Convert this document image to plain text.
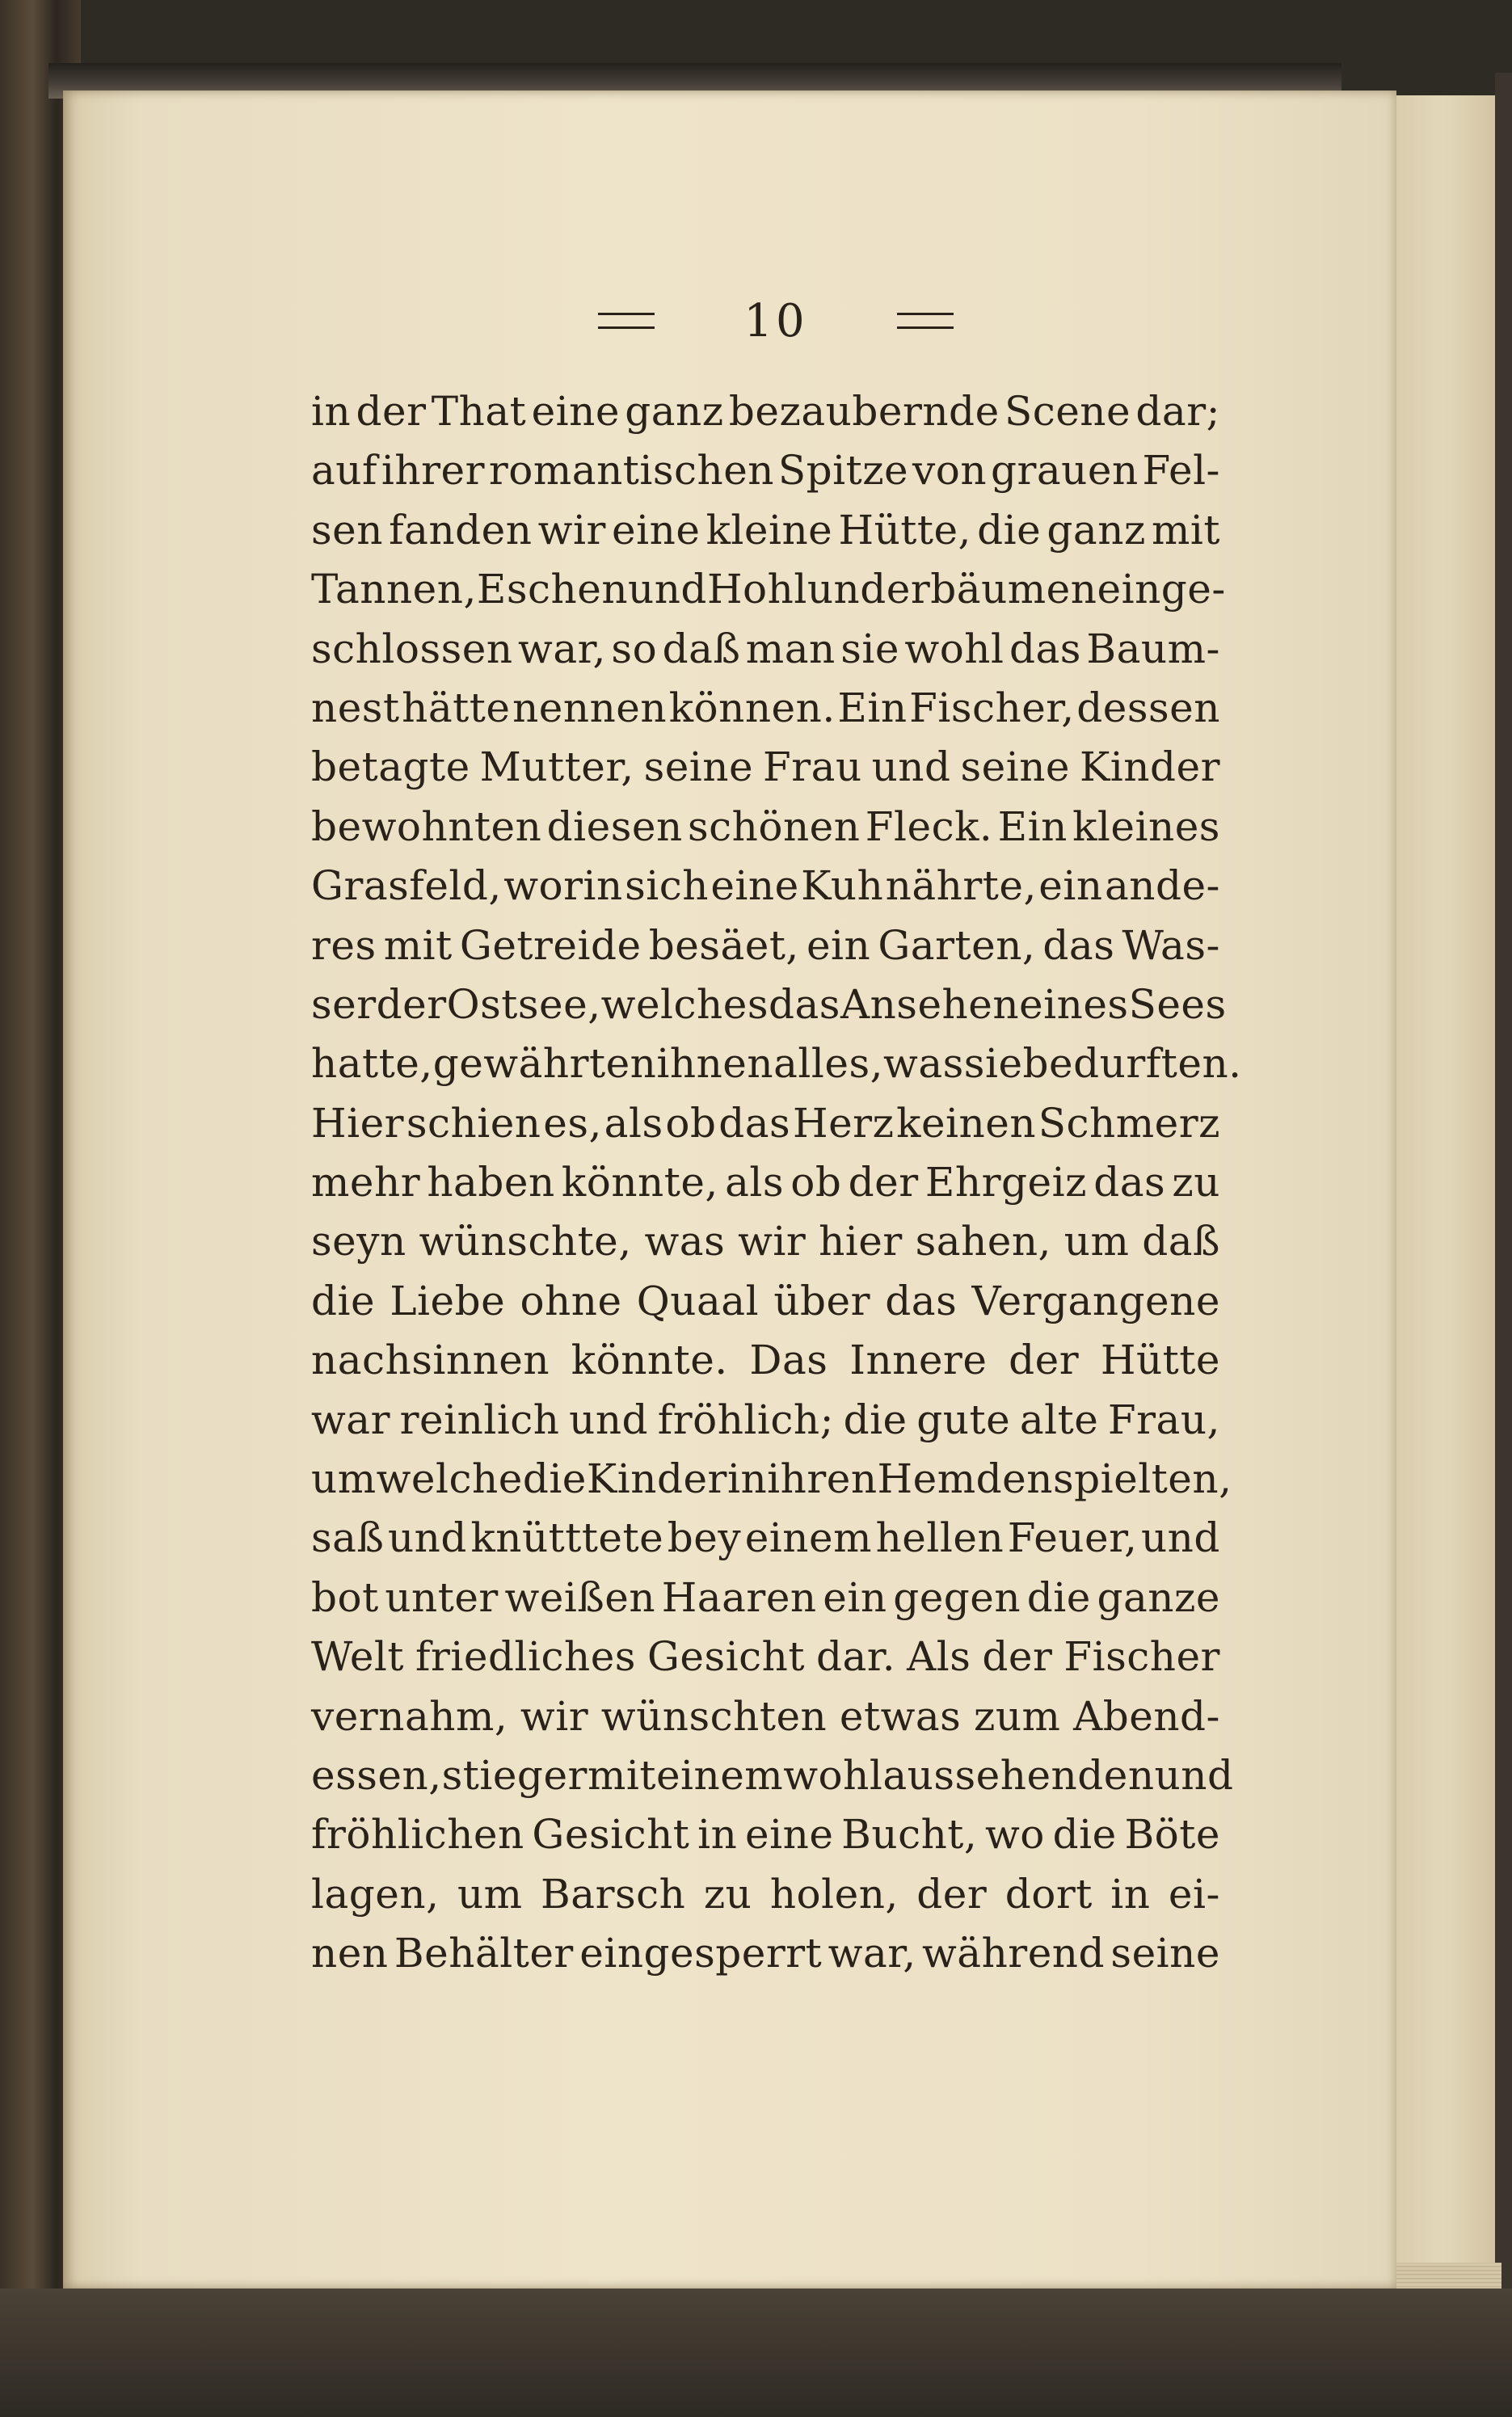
10
in der That eine ganz bezaubernde Scene dar;
auf ihrer romantischen Spitze von grauen Fel-
sen fanden wir eine kleine Hütte, die ganz mit
Tannen, Eschen und Hohlunderbäumen einge-
schlossen war, so daß man sie wohl das Baum-
nest hätte nennen können. Ein Fischer, dessen
betagte Mutter, seine Frau und seine Kinder
bewohnten diesen schönen Fleck. Ein kleines
Grasfeld, worin sich eine Kuh nährte, ein ande-
res mit Getreide besäet, ein Garten, das Was-
ser der Ostsee, welches das Ansehen eines Sees
hatte, gewährten ihnen alles, was sie bedurften.
Hier schien es, als ob das Herz keinen Schmerz
mehr haben könnte, als ob der Ehrgeiz das zu
seyn wünschte, was wir hier sahen, um daß
die Liebe ohne Quaal über das Vergangene
nachsinnen könnte. Das Innere der Hütte
war reinlich und fröhlich; die gute alte Frau,
um welche die Kinder in ihren Hemden spielten,
saß und knütttete bey einem hellen Feuer, und
bot unter weißen Haaren ein gegen die ganze
Welt friedliches Gesicht dar. Als der Fischer
vernahm, wir wünschten etwas zum Abend-
essen, stieg er mit einem wohl aussehenden und
fröhlichen Gesicht in eine Bucht, wo die Böte
lagen, um Barsch zu holen, der dort in ei-
nen Behälter eingesperrt war, während seine
